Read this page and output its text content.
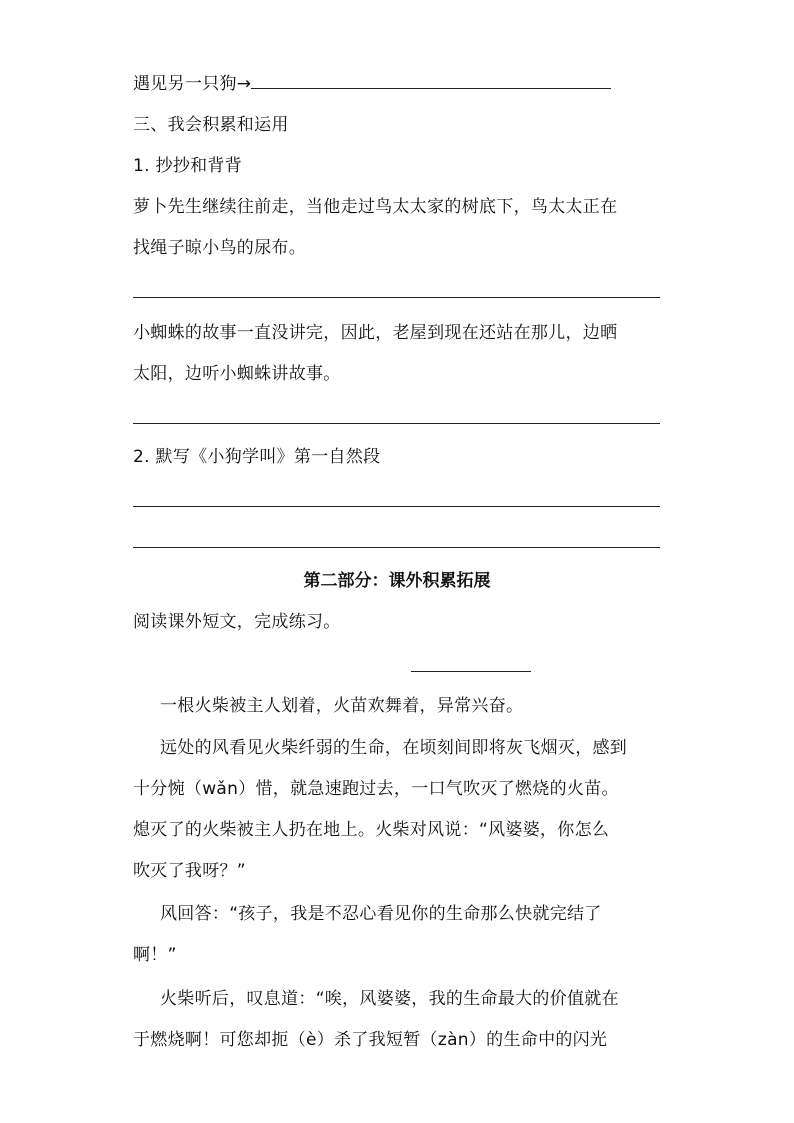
遇见另一只狗→
三、我会积累和运用
1. 抄抄和背背
萝卜先生继续往前走，当他走过鸟太太家的树底下，鸟太太正在
找绳子晾小鸟的尿布。
小蜘蛛的故事一直没讲完，因此，老屋到现在还站在那儿，边晒
太阳，边听小蜘蛛讲故事。
2. 默写《小狗学叫》第一自然段
第二部分：课外积累拓展
阅读课外短文，完成练习。
一根火柴被主人划着，火苗欢舞着，异常兴奋。
远处的风看见火柴纤弱的生命，在顷刻间即将灰飞烟灭，感到
十分惋（wǎn）惜，就急速跑过去，一口气吹灭了燃烧的火苗。
熄灭了的火柴被主人扔在地上。火柴对风说：“风婆婆，你怎么
吹灭了我呀？”
风回答：“孩子，我是不忍心看见你的生命那么快就完结了
啊！”
火柴听后，叹息道：“唉，风婆婆，我的生命最大的价值就在
于燃烧啊！可您却扼（è）杀了我短暂（zàn）的生命中的闪光
